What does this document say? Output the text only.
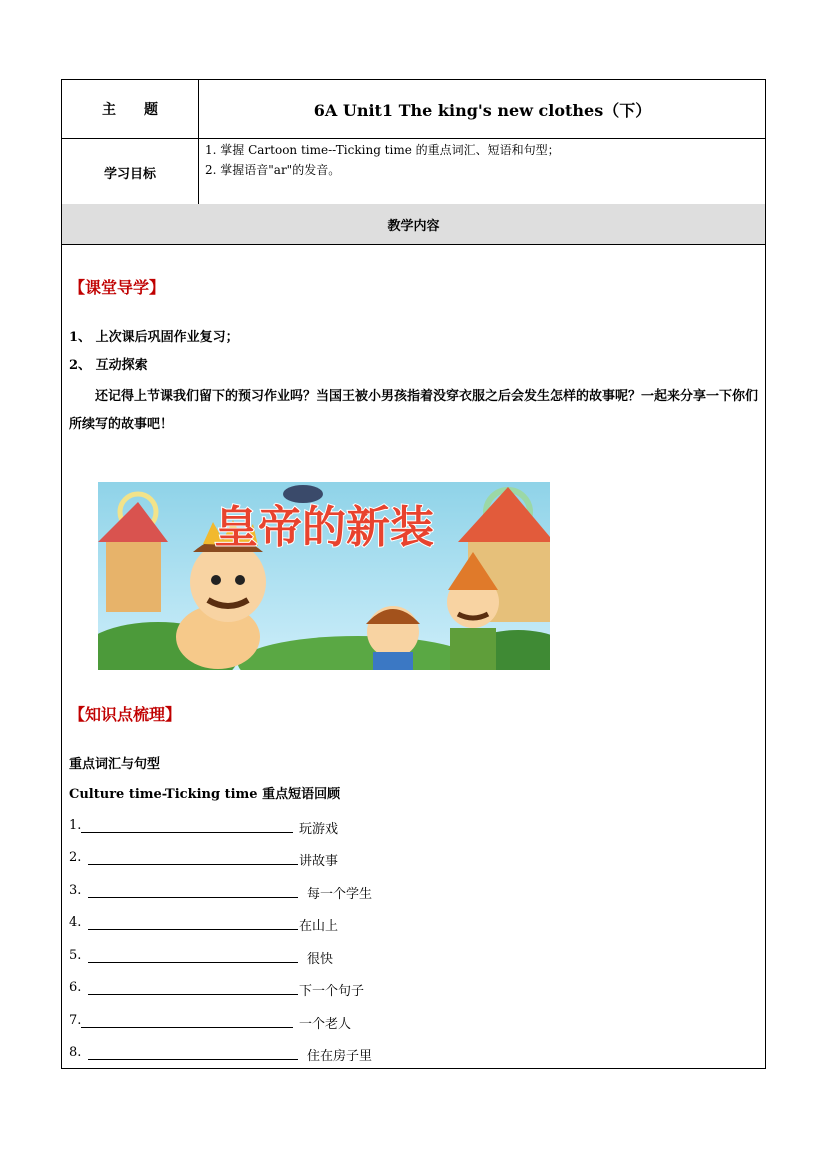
主　　题	6A Unit1 The king's new clothes（下）
学习目标
1. 掌握 Cartoon time--Ticking time 的重点词汇、短语和句型；
2. 掌握语音"ar"的发音。
教学内容
【课堂导学】
1、 上次课后巩固作业复习；
2、 互动探索
还记得上节课我们留下的预习作业吗？当国王被小男孩指着没穿衣服之后会发生怎样的故事呢？一起来分享一下你们所续写的故事吧！
皇帝的新装
【知识点梳理】
重点词汇与句型
Culture time-Ticking time 重点短语回顾
1.	玩游戏
2.	讲故事
3.	每一个学生
4.	在山上
5.	很快
6.	下一个句子
7.	一个老人
8.	住在房子里
